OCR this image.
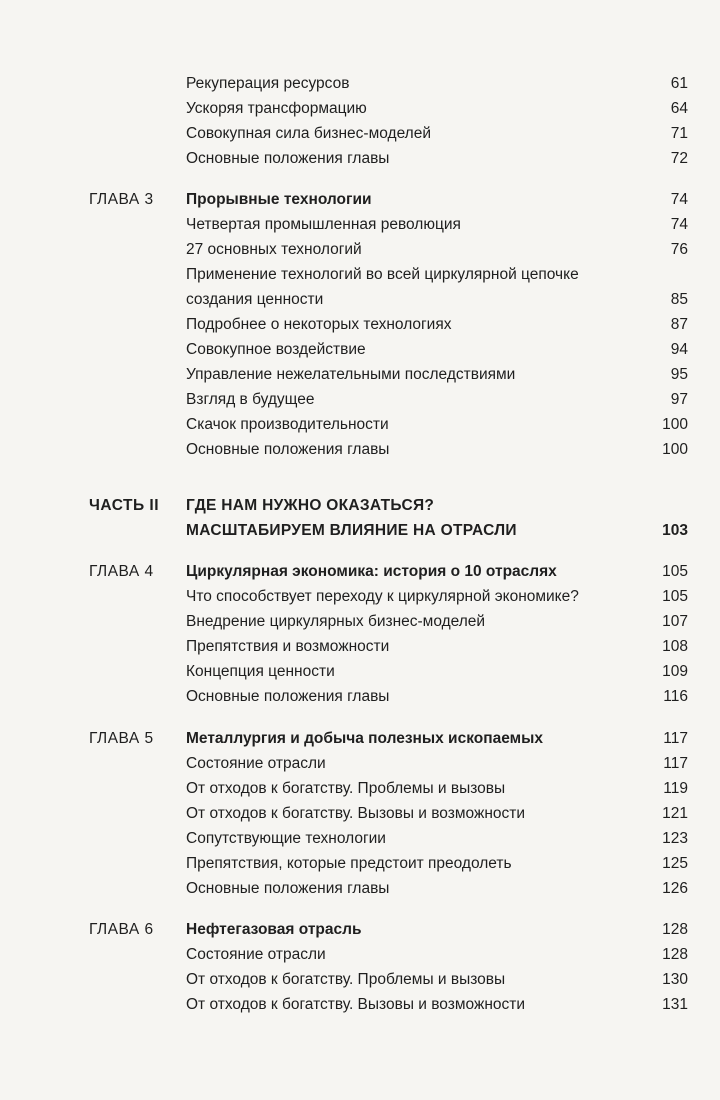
Рекуперация ресурсов	61
Ускоряя трансформацию	64
Совокупная сила бизнес-моделей	71
Основные положения главы	72
ГЛАВА 3 Прорывные технологии	74
Четвертая промышленная революция	74
27 основных технологий	76
Применение технологий во всей циркулярной цепочке
создания ценности	85
Подробнее о некоторых технологиях	87
Совокупное воздействие	94
Управление нежелательными последствиями	95
Взгляд в будущее	97
Скачок производительности	100
Основные положения главы	100
ЧАСТЬ II ГДЕ НАМ НУЖНО ОКАЗАТЬСЯ?
МАСШТАБИРУЕМ ВЛИЯНИЕ НА ОТРАСЛИ	103
ГЛАВА 4 Циркулярная экономика: история о 10 отраслях	105
Что способствует переходу к циркулярной экономике?	105
Внедрение циркулярных бизнес-моделей	107
Препятствия и возможности	108
Концепция ценности	109
Основные положения главы	116
ГЛАВА 5 Металлургия и добыча полезных ископаемых	117
Состояние отрасли	117
От отходов к богатству. Проблемы и вызовы	119
От отходов к богатству. Вызовы и возможности	121
Сопутствующие технологии	123
Препятствия, которые предстоит преодолеть	125
Основные положения главы	126
ГЛАВА 6 Нефтегазовая отрасль	128
Состояние отрасли	128
От отходов к богатству. Проблемы и вызовы	130
От отходов к богатству. Вызовы и возможности	131
